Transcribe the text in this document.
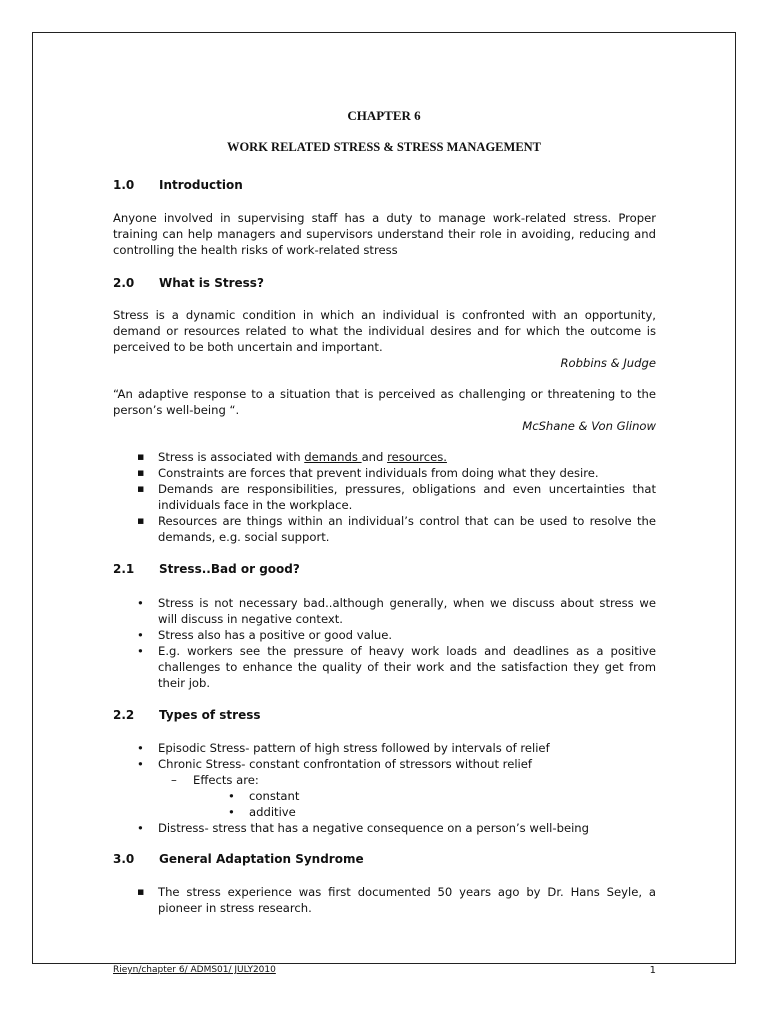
CHAPTER 6
WORK RELATED STRESS & STRESS MANAGEMENT
1.0 Introduction
Anyone involved in supervising staff has a duty to manage work-related stress. Proper training can help managers and supervisors understand their role in avoiding, reducing and controlling the health risks of work-related stress
2.0 What is Stress?
Stress is a dynamic condition in which an individual is confronted with an opportunity, demand or resources related to what the individual desires and for which the outcome is perceived to be both uncertain and important.
Robbins & Judge
“An adaptive response to a situation that is perceived as challenging or threatening to the person’s well-being “.
McShane & Von Glinow
▪ Stress is associated with demands and resources.
▪ Constraints are forces that prevent individuals from doing what they desire.
▪ Demands are responsibilities, pressures, obligations and even uncertainties that individuals face in the workplace.
▪ Resources are things within an individual’s control that can be used to resolve the demands, e.g. social support.
2.1 Stress..Bad or good?
• Stress is not necessary bad..although generally, when we discuss about stress we will discuss in negative context.
• Stress also has a positive or good value.
• E.g. workers see the pressure of heavy work loads and deadlines as a positive challenges to enhance the quality of their work and the satisfaction they get from their job.
2.2 Types of stress
• Episodic Stress- pattern of high stress followed by intervals of relief
• Chronic Stress- constant confrontation of stressors without relief
– Effects are:
• constant
• additive
• Distress- stress that has a negative consequence on a person’s well-being
3.0 General Adaptation Syndrome
▪ The stress experience was first documented 50 years ago by Dr. Hans Seyle, a pioneer in stress research.
Rieyn/chapter 6/ ADMS01/ JULY2010	1
